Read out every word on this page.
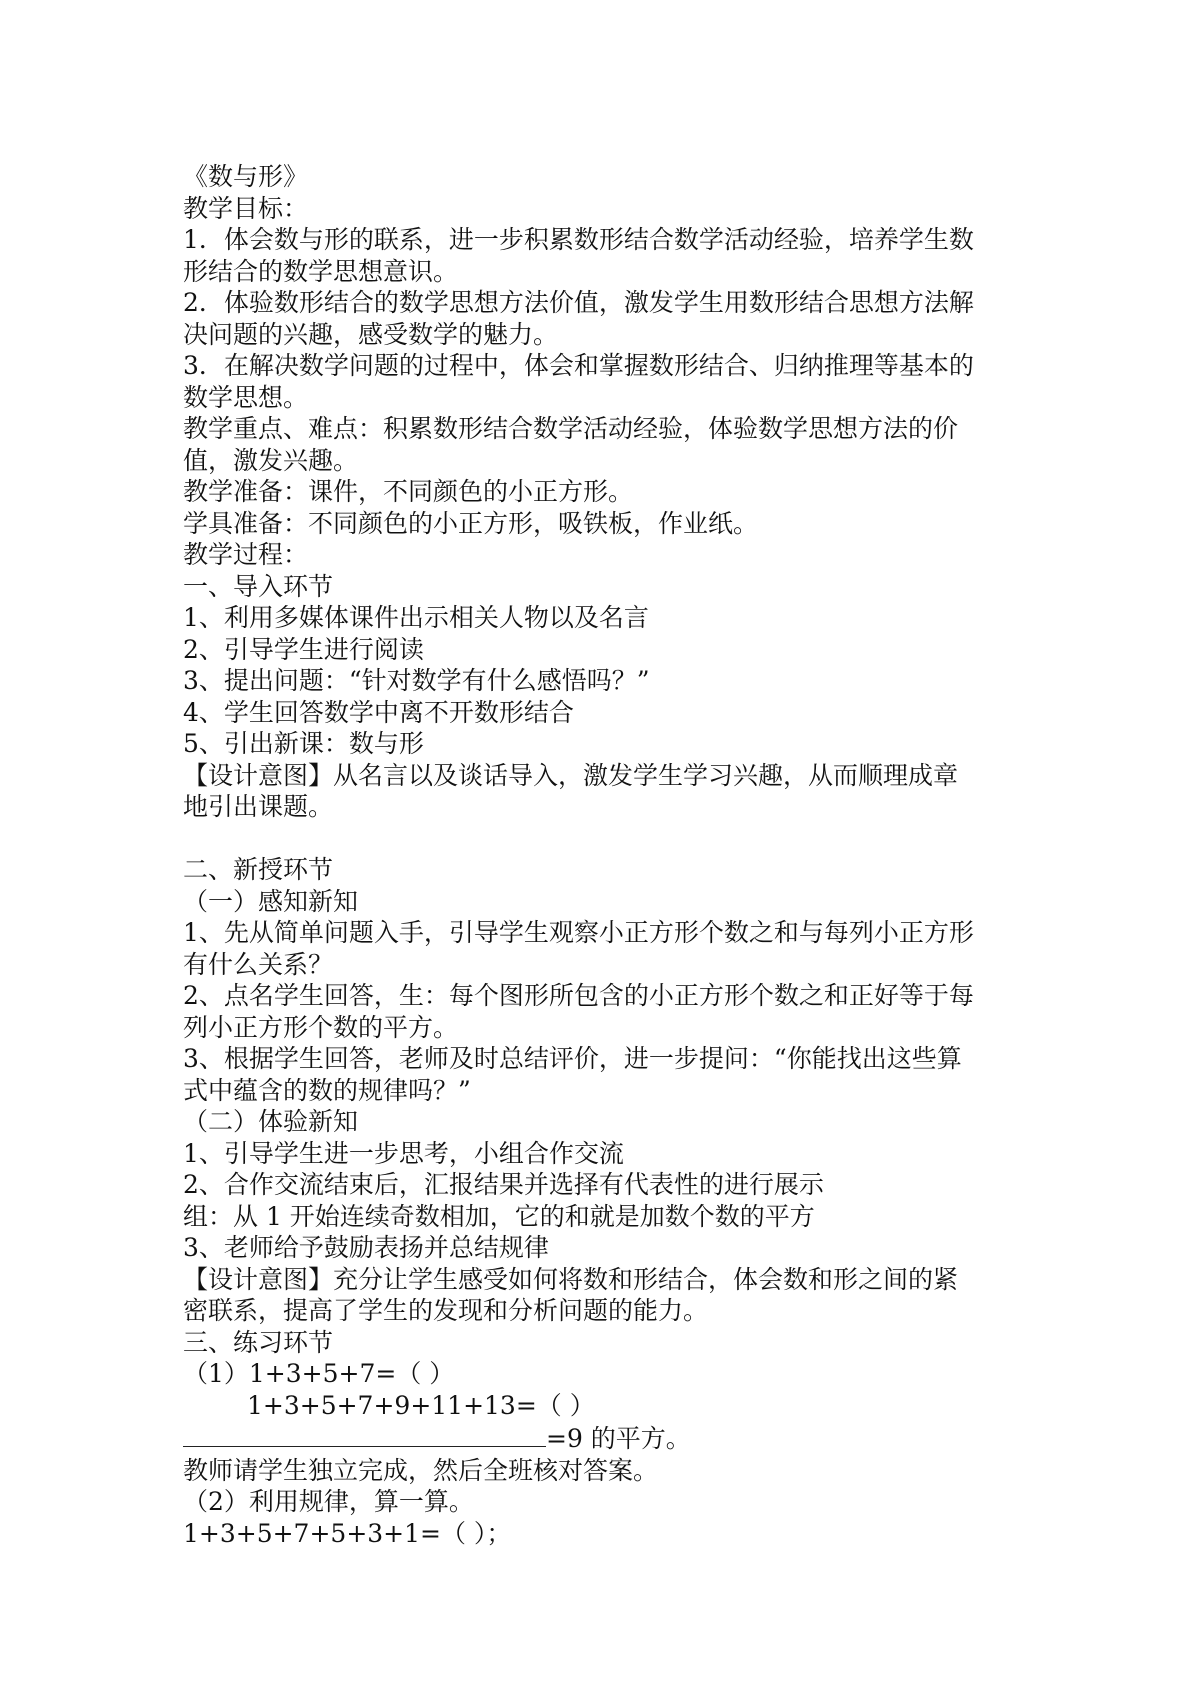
《数与形》
教学目标：
1．体会数与形的联系，进一步积累数形结合数学活动经验，培养学生数
形结合的数学思想意识。
2．体验数形结合的数学思想方法价值，激发学生用数形结合思想方法解
决问题的兴趣，感受数学的魅力。
3．在解决数学问题的过程中，体会和掌握数形结合、归纳推理等基本的
数学思想。
教学重点、难点：积累数形结合数学活动经验，体验数学思想方法的价
值，激发兴趣。
教学准备：课件，不同颜色的小正方形。
学具准备：不同颜色的小正方形，吸铁板，作业纸。
教学过程：
一、导入环节
1、利用多媒体课件出示相关人物以及名言
2、引导学生进行阅读
3、提出问题：“针对数学有什么感悟吗？”
4、学生回答数学中离不开数形结合
5、引出新课：数与形
【设计意图】从名言以及谈话导入，激发学生学习兴趣，从而顺理成章
地引出课题。
二、新授环节
（一）感知新知
1、先从简单问题入手，引导学生观察小正方形个数之和与每列小正方形
有什么关系？
2、点名学生回答，生：每个图形所包含的小正方形个数之和正好等于每
列小正方形个数的平方。
3、根据学生回答，老师及时总结评价，进一步提问：“你能找出这些算
式中蕴含的数的规律吗？”
（二）体验新知
1、引导学生进一步思考，小组合作交流
2、合作交流结束后，汇报结果并选择有代表性的进行展示
组：从 1 开始连续奇数相加，它的和就是加数个数的平方
3、老师给予鼓励表扬并总结规律
【设计意图】充分让学生感受如何将数和形结合，体会数和形之间的紧
密联系，提高了学生的发现和分析问题的能力。
三、练习环节
（1）1+3+5+7=（ ）
1+3+5+7+9+11+13=（ ）
=9 的平方。
教师请学生独立完成，然后全班核对答案。
（2）利用规律，算一算。
1+3+5+7+5+3+1=（ ）；
